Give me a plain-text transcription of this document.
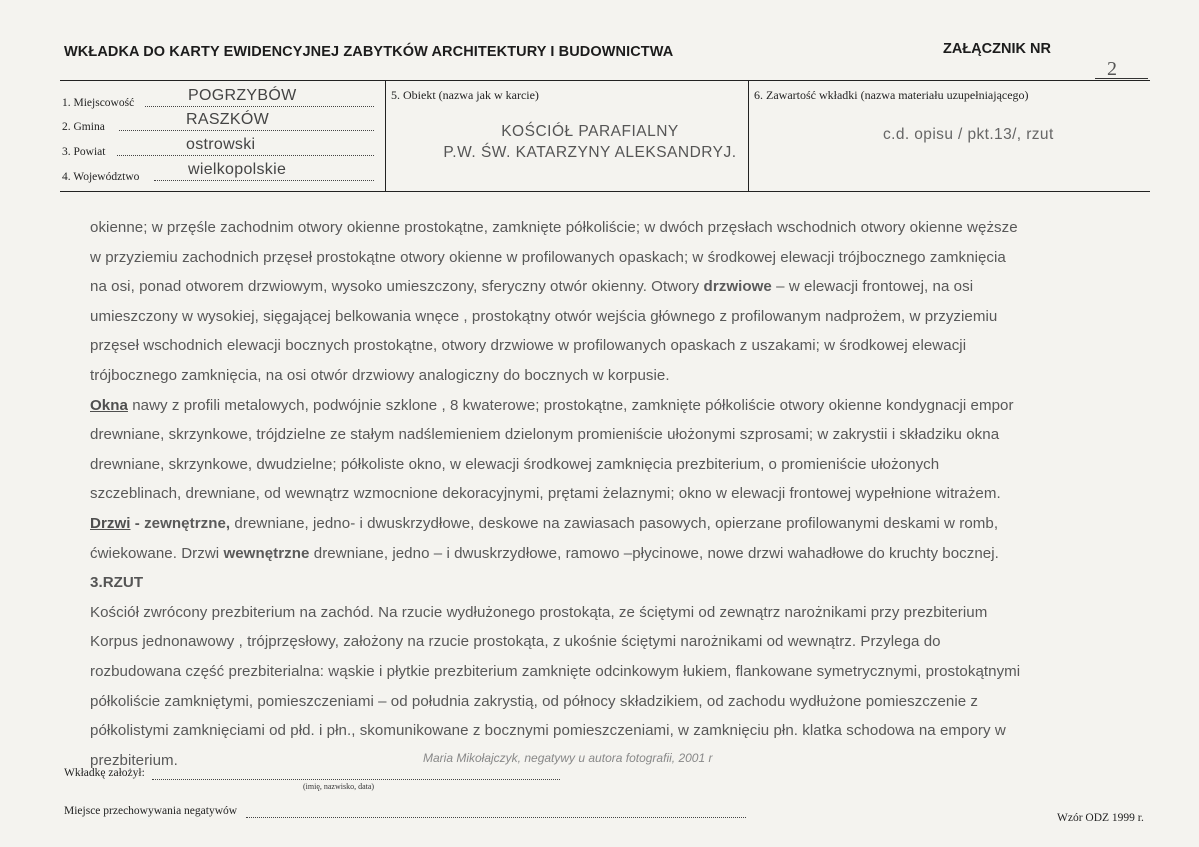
WKŁADKA DO KARTY EWIDENCYJNEJ ZABYTKÓW ARCHITEKTURY I BUDOWNICTWA	ZAŁĄCZNIK NR
2
1. Miejscowość	POGRZYBÓW
2. Gmina	RASZKÓW
3. Powiat	ostrowski
4. Województwo	wielkopolskie
5. Obiekt (nazwa jak w karcie)
KOŚCIÓŁ PARAFIALNY
P.W. ŚW. KATARZYNY ALEKSANDRYJ.
6. Zawartość wkładki (nazwa materiału uzupełniającego)
c.d. opisu / pkt.13/, rzut
okienne; w przęśle zachodnim otwory okienne prostokątne, zamknięte półkoliście; w dwóch przęsłach wschodnich otwory okienne węższe
w przyziemiu zachodnich przęseł prostokątne otwory okienne w profilowanych opaskach; w środkowej elewacji trójbocznego zamknięcia
na osi, ponad otworem drzwiowym, wysoko umieszczony, sferyczny otwór okienny. Otwory drzwiowe – w elewacji frontowej, na osi
umieszczony w wysokiej, sięgającej belkowania wnęce , prostokątny otwór wejścia głównego z profilowanym nadprożem, w przyziemiu
przęseł wschodnich elewacji bocznych prostokątne, otwory drzwiowe w profilowanych opaskach z uszakami; w środkowej elewacji
trójbocznego zamknięcia, na osi otwór drzwiowy analogiczny do bocznych w korpusie.
Okna nawy z profili metalowych, podwójnie szklone , 8 kwaterowe; prostokątne, zamknięte półkoliście otwory okienne kondygnacji empor
drewniane, skrzynkowe, trójdzielne ze stałym nadślemieniem dzielonym promieniście ułożonymi szprosami; w zakrystii i składziku okna
drewniane, skrzynkowe, dwudzielne; półkoliste okno, w elewacji środkowej zamknięcia prezbiterium, o promieniście ułożonych
szczeblinach, drewniane, od wewnątrz wzmocnione dekoracyjnymi, prętami żelaznymi; okno w elewacji frontowej wypełnione witrażem.
Drzwi - zewnętrzne, drewniane, jedno- i dwuskrzydłowe, deskowe na zawiasach pasowych, opierzane profilowanymi deskami w romb,
ćwiekowane. Drzwi wewnętrzne drewniane, jedno – i dwuskrzydłowe, ramowo –płycinowe, nowe drzwi wahadłowe do kruchty bocznej.
3.RZUT
Kościół zwrócony prezbiterium na zachód. Na rzucie wydłużonego prostokąta, ze ściętymi od zewnątrz narożnikami przy prezbiterium
Korpus jednonawowy , trójprzęsłowy, założony na rzucie prostokąta, z ukośnie ściętymi narożnikami od wewnątrz. Przylega do
rozbudowana część prezbiterialna: wąskie i płytkie prezbiterium zamknięte odcinkowym łukiem, flankowane symetrycznymi, prostokątnymi
półkoliście zamkniętymi, pomieszczeniami – od południa zakrystią, od północy składzikiem, od zachodu wydłużone pomieszczenie z
półkolistymi zamknięciami od płd. i płn., skomunikowane z bocznymi pomieszczeniami, w zamknięciu płn. klatka schodowa na empory w
prezbiterium.	Maria Mikołajczyk, negatywy u autora fotografii, 2001 r
Wkładkę założył:
(imię, nazwisko, data)
Miejsce przechowywania negatywów
Wzór ODZ 1999 r.
